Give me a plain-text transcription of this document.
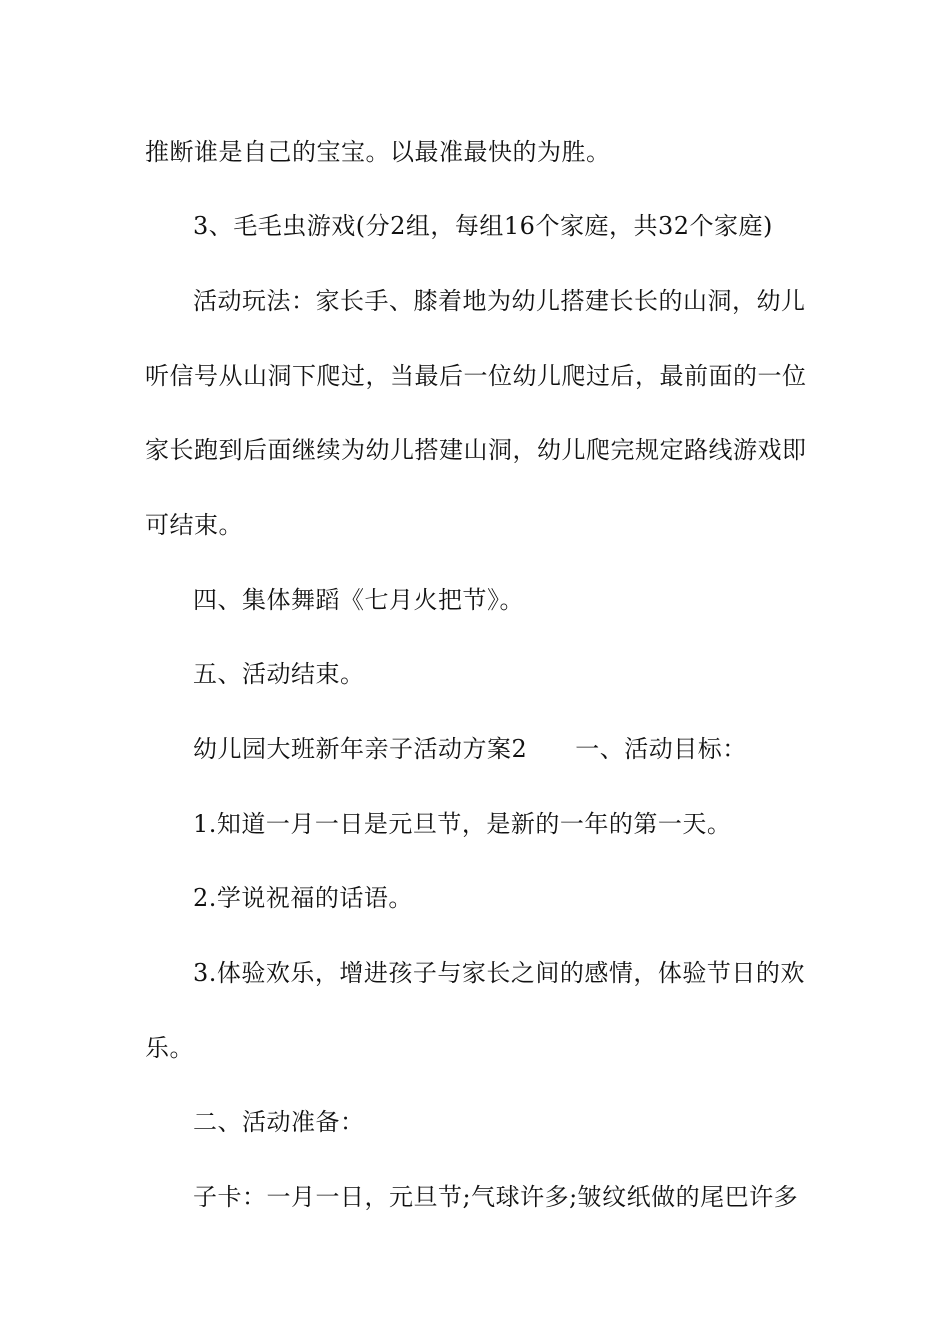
推断谁是自己的宝宝。以最准最快的为胜。
3、毛毛虫游戏(分2组，每组16个家庭，共32个家庭)
活动玩法：家长手、膝着地为幼儿搭建长长的山洞，幼儿
听信号从山洞下爬过，当最后一位幼儿爬过后，最前面的一位
家长跑到后面继续为幼儿搭建山洞，幼儿爬完规定路线游戏即
可结束。
四、集体舞蹈《七月火把节》。
五、活动结束。
幼儿园大班新年亲子活动方案2 一、活动目标：
1.知道一月一日是元旦节，是新的一年的第一天。
2.学说祝福的话语。
3.体验欢乐，增进孩子与家长之间的感情，体验节日的欢
乐。
二、活动准备：
子卡：一月一日，元旦节;气球许多;皱纹纸做的尾巴许多
